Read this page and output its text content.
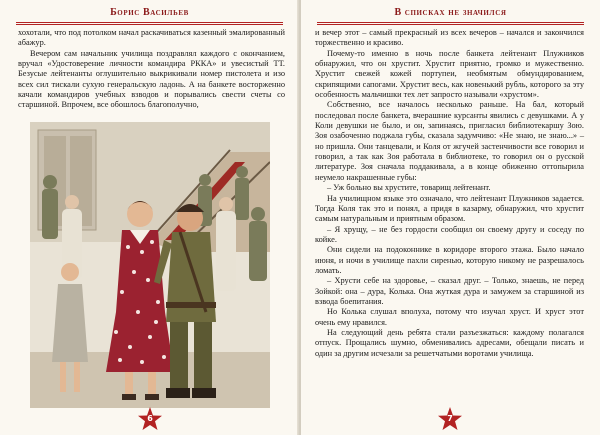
Борис Васильев

хохотали, что под потолком начал раскачиваться казенный эмалированный абажур.

Вечером сам начальник училища поздравлял каждого с окончанием, вручал «Удостоверение личности командира РККА» и увесистый ТТ. Безусые лейтенанты оглушительно выкрикивали номер пистолета и изо всех сил тискали сухую генеральскую ладонь. А на банкете восторженно качали командиров учебных взводов и порывались свести счеты со старшиной. Впрочем, все обошлось благополучно,

6
В списках не значился

и вечер этот – самый прекрасный из всех вечеров – начался и закончился торжественно и красиво.

Почему-то именно в ночь после банкета лейтенант Плужников обнаружил, что он хрустит. Хрустит приятно, громко и мужественно. Хрустит свежей кожей портупеи, необмятым обмундированием, скрипящими сапогами. Хрустит весь, как новенький рубль, которого за эту особенность мальчишки тех лет запросто называли «хрустом».

Собственно, все началось несколько раньше. На бал, который последовал после банкета, вчерашние курсанты явились с девушками. А у Коли девушки не было, и он, запинаясь, пригласил библиотекаршу Зою. Зоя озабоченно поджала губы, сказала задумчиво: «Не знаю, не знаю...» – но пришла. Они танцевали, и Коля от жгучей застенчивости все говорил и говорил, а так как Зоя работала в библиотеке, то говорил он о русской литературе. Зоя сначала поддакивала, а в конце обиженно оттопырила неумело накрашенные губы:

– Уж больно вы хрустите, товарищ лейтенант.

На училищном языке это означало, что лейтенант Плужников задается. Тогда Коля так это и понял, а придя в казарму, обнаружил, что хрустит самым натуральным и приятным образом.

– Я хрущу, – не без гордости сообщил он своему другу и соседу по койке.

Они сидели на подоконнике в коридоре второго этажа. Было начало июня, и ночи в училище пахли сиренью, которую никому не разрешалось ломать.

– Хрусти себе на здоровье, – сказал друг. – Только, знаешь, не перед Зойкой: она – дура, Колька. Она жуткая дура и замужем за старшиной из взвода боепитания.

Но Колька слушал вполуха, потому что изучал хруст. И хруст этот очень ему нравился.

На следующий день ребята стали разъезжаться: каждому полагался отпуск. Прощались шумно, обменивались адресами, обещали писать и один за другим исчезали за решетчатыми воротами училища.

7
